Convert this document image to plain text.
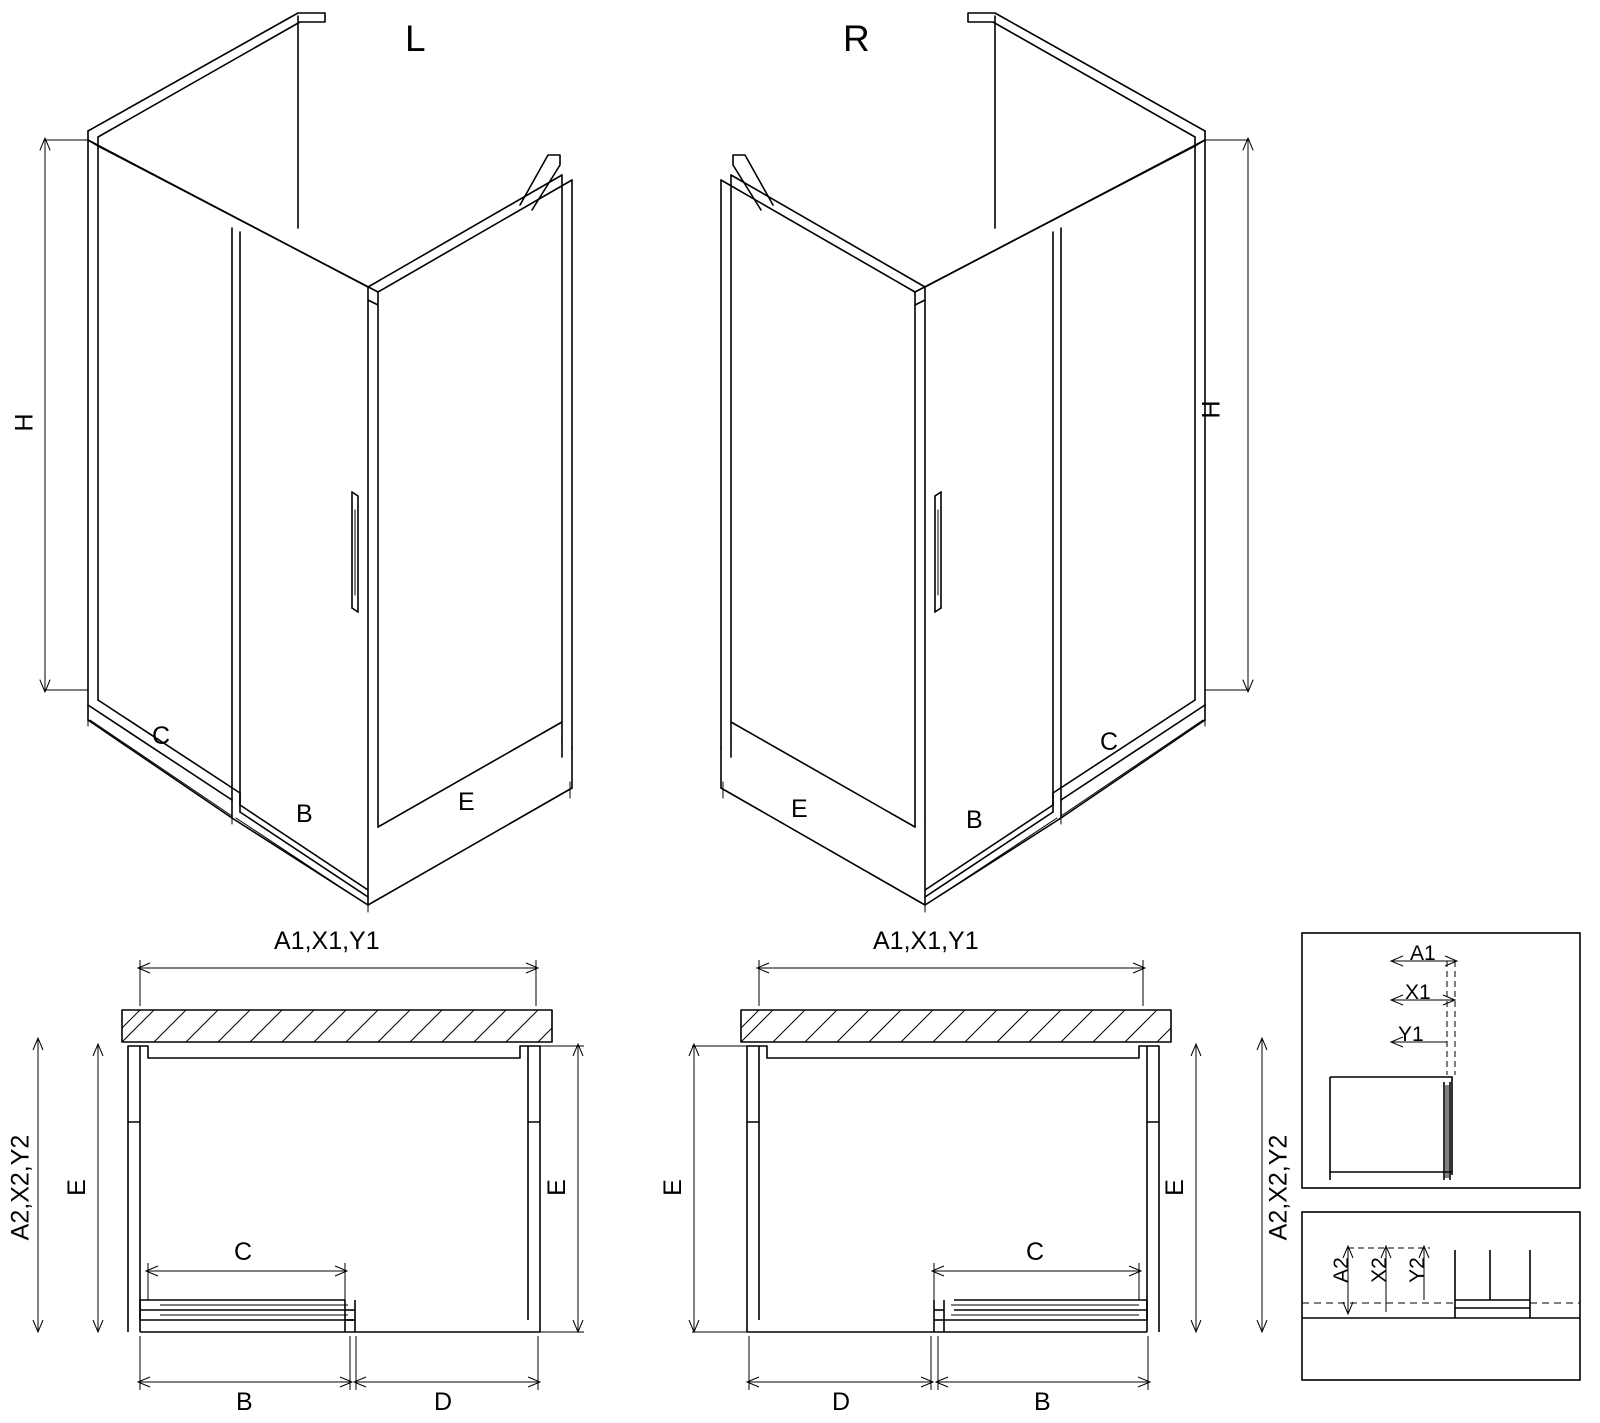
L	R
H
C
B	E
H
E	B
C
A1,X1,Y1
A2,X2,Y2 E	E
C
B	D
A1,X1,Y1
A2,X2,Y2
E	E
C
B
D
A1
X1
Y1
A2 X2 Y2
